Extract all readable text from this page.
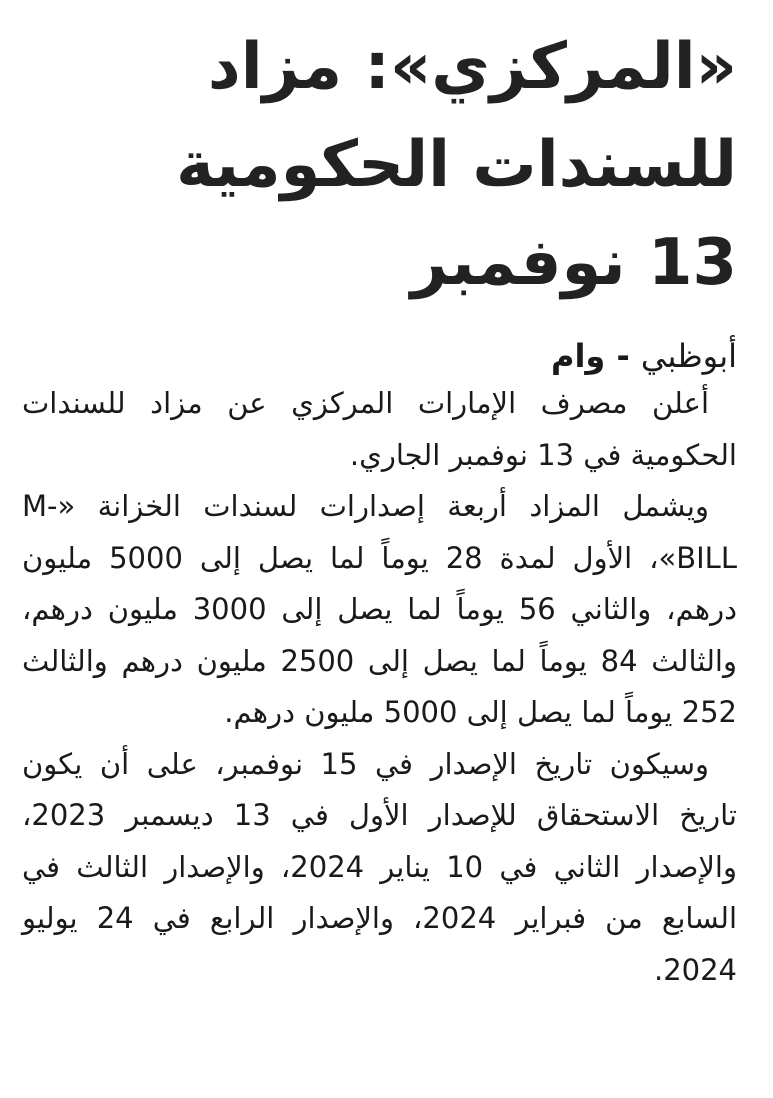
«المركزي»: مزاد
للسندات الحكومية
13 نوفمبر
أبوظبي - وام

أعلن مصرف الإمارات المركزي عن مزاد للسندات الحكومية في 13 نوفمبر الجاري.

ويشمل المزاد أربعة إصدارات لسندات الخزانة «M-BILL»، الأول لمدة 28 يوماً لما يصل إلى 5000 مليون درهم، والثاني 56 يوماً لما يصل إلى 3000 مليون درهم، والثالث 84 يوماً لما يصل إلى 2500 مليون درهم والثالث 252 يوماً لما يصل إلى 5000 مليون درهم.

وسيكون تاريخ الإصدار في 15 نوفمبر، على أن يكون تاريخ الاستحقاق للإصدار الأول في 13 ديسمبر 2023، والإصدار الثاني في 10 يناير 2024، والإصدار الثالث في السابع من فبراير 2024، والإصدار الرابع في 24 يوليو 2024.
